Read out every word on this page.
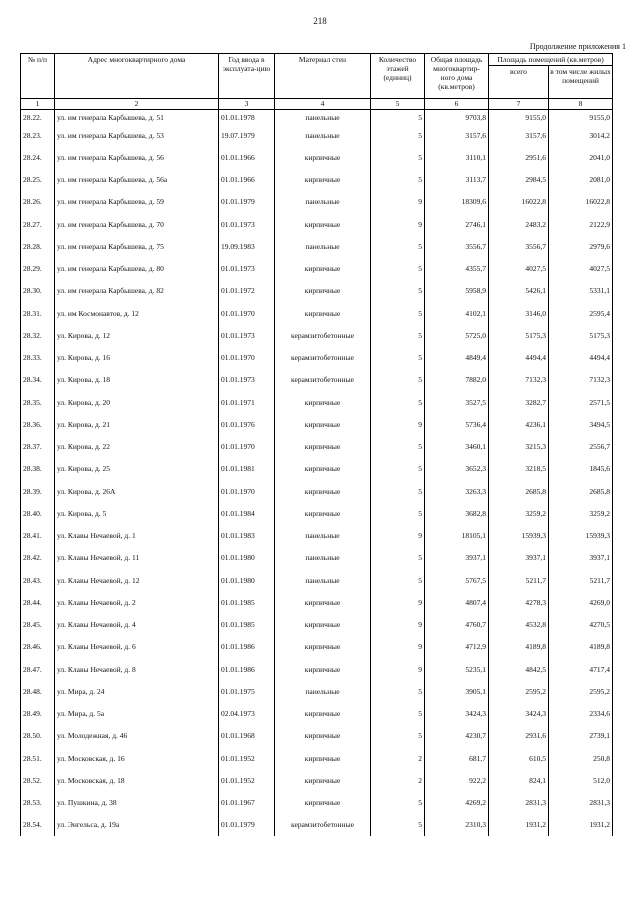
218
Продолжение приложения 1
№ п/п	Адрес многоквартирного дома	Год ввода в эксплуата-цию	Материал стен	Количество этажей (единиц)	Общая площадь многоквартир-ного дома (кв.метров)	Площадь помещений (кв.метров)	
						всего	в том числе жилых помещений
1	2	3	4	5	6	7	8
28.22.	ул. им генерала Карбышева, д. 51	01.01.1978	панельные	5	9703,8	9155,0	9155,0
28.23.	ул. им генерала Карбышева, д. 53	19.07.1979	панельные	5	3157,6	3157,6	3014,2
28.24.	ул. им генерала Карбышева, д. 56	01.01.1966	кирпичные	5	3110,1	2951,6	2041,0
28.25.	ул. им генерала Карбышева, д. 56а	01.01.1966	кирпичные	5	3113,7	2984,5	2081,0
28.26.	ул. им генерала Карбышева, д. 59	01.01.1979	панельные	9	18309,6	16022,8	16022,8
28.27.	ул. им генерала Карбышева, д. 70	01.01.1973	кирпичные	9	2746,1	2483,2	2122,9
28.28.	ул. им генерала Карбышева, д. 75	19.09.1983	панельные	5	3556,7	3556,7	2979,6
28.29.	ул. им генерала Карбышева, д. 80	01.01.1973	кирпичные	5	4355,7	4027,5	4027,5
28.30.	ул. им генерала Карбышева, д. 82	01.01.1972	кирпичные	5	5958,9	5426,1	5331,1
28.31.	ул. им Космонавтов, д. 12	01.01.1970	кирпичные	5	4102,1	3146,0	2595,4
28.32.	ул. Кирова, д. 12	01.01.1973	керамзитобетонные	5	5725,0	5175,3	5175,3
28.33.	ул. Кирова, д. 16	01.01.1970	керамзитобетонные	5	4849,4	4494,4	4494,4
28.34.	ул. Кирова, д. 18	01.01.1973	керамзитобетонные	5	7882,0	7132,3	7132,3
28.35.	ул. Кирова, д. 20	01.01.1971	кирпичные	5	3527,5	3282,7	2571,5
28.36.	ул. Кирова, д. 21	01.01.1976	кирпичные	9	5736,4	4236,1	3494,5
28.37.	ул. Кирова, д. 22	01.01.1970	кирпичные	5	3460,1	3215,3	2556,7
28.38.	ул. Кирова, д. 25	01.01.1981	кирпичные	5	3652,3	3218,5	1845,6
28.39.	ул. Кирова, д. 26А	01.01.1970	кирпичные	5	3263,3	2685,8	2685,8
28.40.	ул. Кирова, д. 5	01.01.1984	кирпичные	5	3682,8	3259,2	3259,2
28.41.	ул. Клавы Нечаевой, д. 1	01.01.1983	панельные	9	18105,1	15939,3	15939,3
28.42.	ул. Клавы Нечаевой, д. 11	01.01.1980	панельные	5	3937,1	3937,1	3937,1
28.43.	ул. Клавы Нечаевой, д. 12	01.01.1980	панельные	5	5767,5	5211,7	5211,7
28.44.	ул. Клавы Нечаевой, д. 2	01.01.1985	кирпичные	9	4807,4	4278,3	4269,0
28.45.	ул. Клавы Нечаевой, д. 4	01.01.1985	кирпичные	9	4760,7	4532,8	4270,5
28.46.	ул. Клавы Нечаевой, д. 6	01.01.1986	кирпичные	9	4712,9	4189,8	4189,8
28.47.	ул. Клавы Нечаевой, д. 8	01.01.1986	кирпичные	9	5235,1	4842,5	4717,4
28.48.	ул. Мира, д. 24	01.01.1975	панельные	5	3905,1	2595,2	2595,2
28.49.	ул. Мира, д. 5а	02.04.1973	кирпичные	5	3424,3	3424,3	2334,6
28.50.	ул. Молодежная, д. 46	01.01.1968	кирпичные	5	4230,7	2931,6	2739,1
28.51.	ул. Московская, д. 16	01.01.1952	кирпичные	2	681,7	610,5	250,8
28.52.	ул. Московская, д. 18	01.01.1952	кирпичные	2	922,2	824,1	512,0
28.53.	ул. Пушкина, д. 38	01.01.1967	кирпичные	5	4269,2	2831,3	2831,3
28.54.	ул. Энгельса, д. 19а	01.01.1979	керамзитобетонные	5	2310,3	1931,2	1931,2
